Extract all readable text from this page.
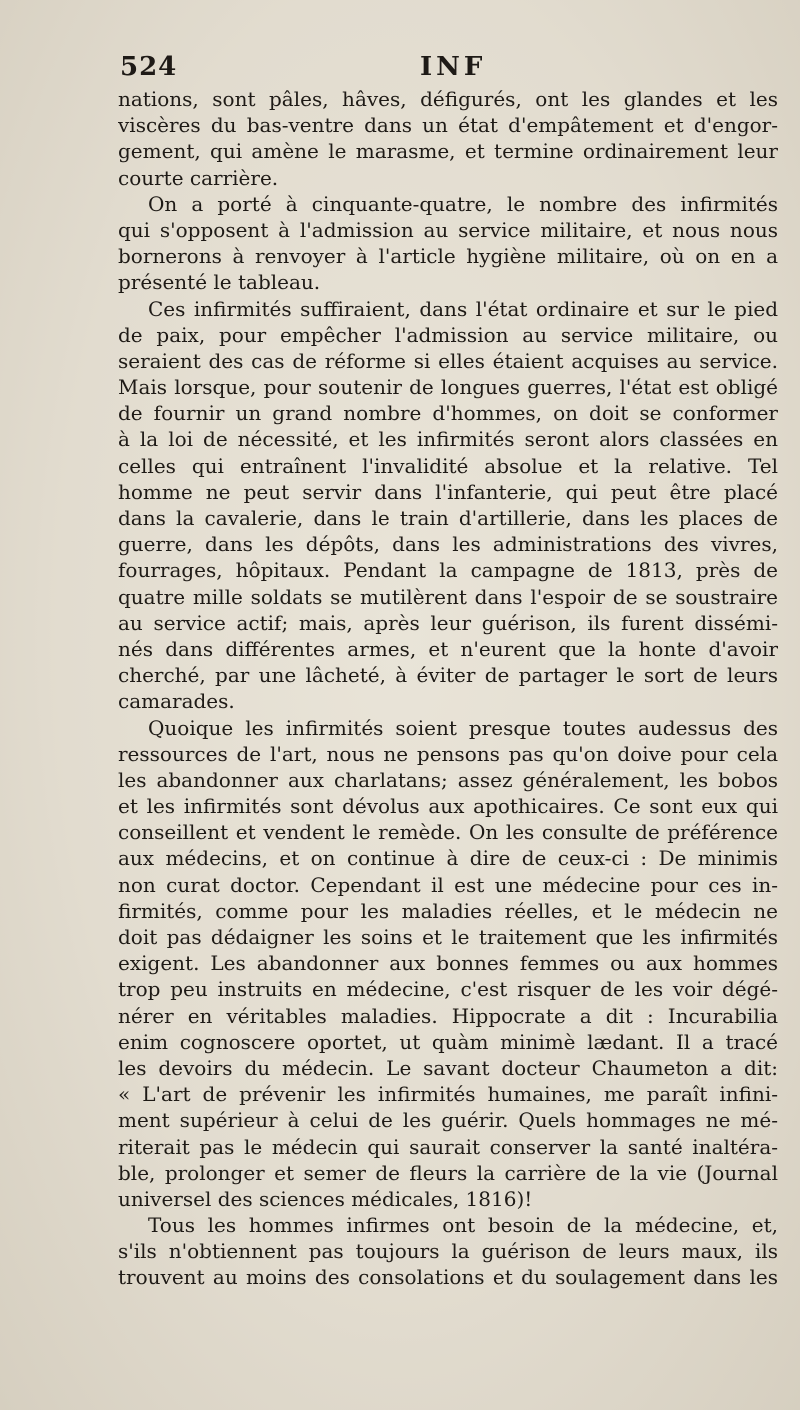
524	INF
nations, sont pâles, hâves, défigurés, ont les glandes et les
viscères du bas-ventre dans un état d'empâtement et d'engor-
gement, qui amène le marasme, et termine ordinairement leur
courte carrière.
On a porté à cinquante-quatre, le nombre des infirmités
qui s'opposent à l'admission au service militaire, et nous nous
bornerons à renvoyer à l'article hygiène militaire, où on en a
présenté le tableau.
Ces infirmités suffiraient, dans l'état ordinaire et sur le pied
de paix, pour empêcher l'admission au service militaire, ou
seraient des cas de réforme si elles étaient acquises au service.
Mais lorsque, pour soutenir de longues guerres, l'état est obligé
de fournir un grand nombre d'hommes, on doit se conformer
à la loi de nécessité, et les infirmités seront alors classées en
celles qui entraînent l'invalidité absolue et la relative. Tel
homme ne peut servir dans l'infanterie, qui peut être placé
dans la cavalerie, dans le train d'artillerie, dans les places de
guerre, dans les dépôts, dans les administrations des vivres,
fourrages, hôpitaux. Pendant la campagne de 1813, près de
quatre mille soldats se mutilèrent dans l'espoir de se soustraire
au service actif; mais, après leur guérison, ils furent dissémi-
nés dans différentes armes, et n'eurent que la honte d'avoir
cherché, par une lâcheté, à éviter de partager le sort de leurs
camarades.
Quoique les infirmités soient presque toutes audessus des
ressources de l'art, nous ne pensons pas qu'on doive pour cela
les abandonner aux charlatans; assez généralement, les bobos
et les infirmités sont dévolus aux apothicaires. Ce sont eux qui
conseillent et vendent le remède. On les consulte de préférence
aux médecins, et on continue à dire de ceux-ci : De minimis
non curat doctor. Cependant il est une médecine pour ces in-
firmités, comme pour les maladies réelles, et le médecin ne
doit pas dédaigner les soins et le traitement que les infirmités
exigent. Les abandonner aux bonnes femmes ou aux hommes
trop peu instruits en médecine, c'est risquer de les voir dégé-
nérer en véritables maladies. Hippocrate a dit : Incurabilia
enim cognoscere oportet, ut quàm minimè lædant. Il a tracé
les devoirs du médecin. Le savant docteur Chaumeton a dit:
« L'art de prévenir les infirmités humaines, me paraît infini-
ment supérieur à celui de les guérir. Quels hommages ne mé-
riterait pas le médecin qui saurait conserver la santé inaltéra-
ble, prolonger et semer de fleurs la carrière de la vie (Journal
universel des sciences médicales, 1816)!
Tous les hommes infirmes ont besoin de la médecine, et,
s'ils n'obtiennent pas toujours la guérison de leurs maux, ils
trouvent au moins des consolations et du soulagement dans les
